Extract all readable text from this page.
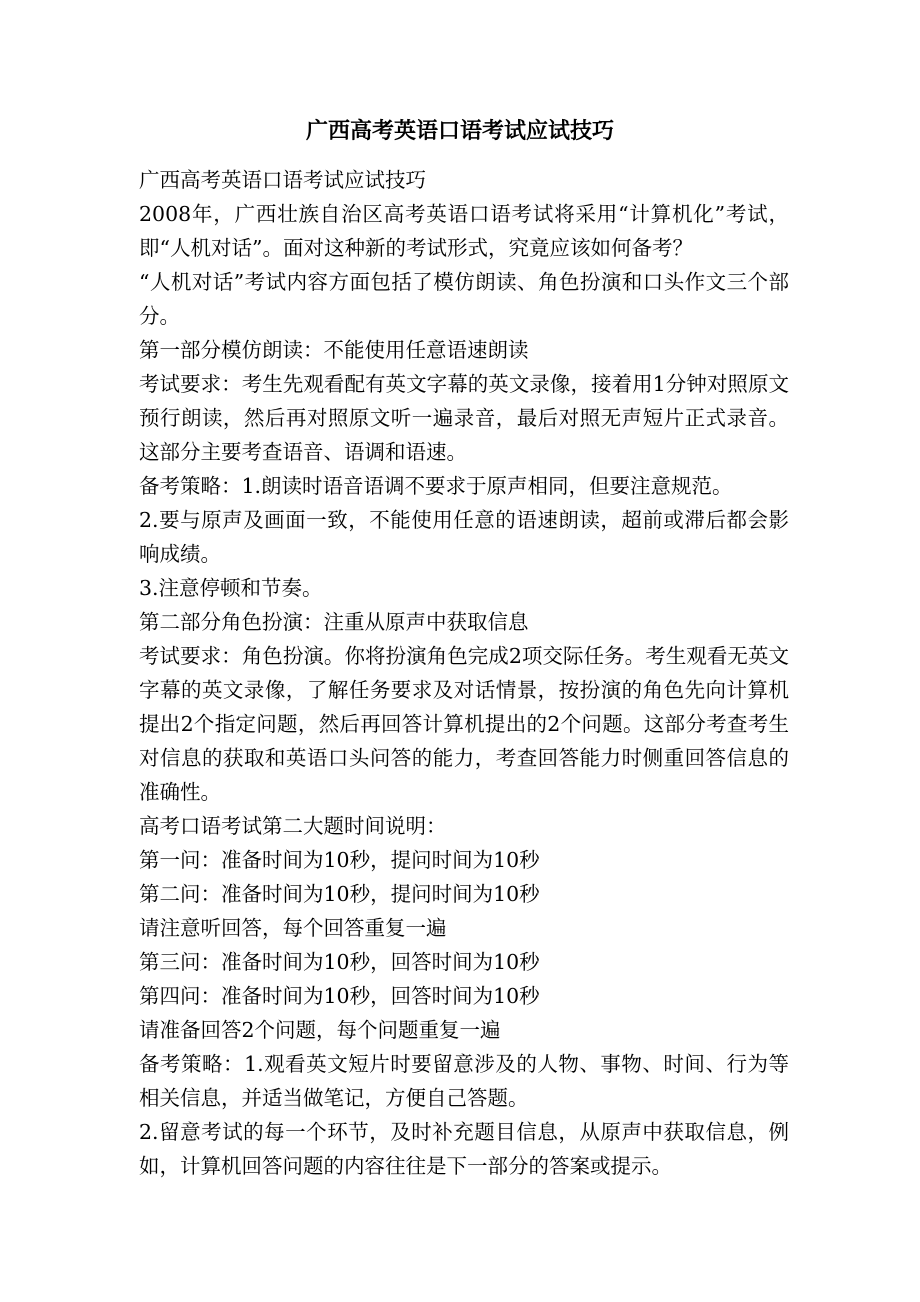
广西高考英语口语考试应试技巧

广西高考英语口语考试应试技巧

2008年，广西壮族自治区高考英语口语考试将采用“计算机化”考试，即“人机对话”。面对这种新的考试形式，究竟应该如何备考？

“人机对话”考试内容方面包括了模仿朗读、角色扮演和口头作文三个部分。

第一部分模仿朗读：不能使用任意语速朗读

考试要求：考生先观看配有英文字幕的英文录像，接着用1分钟对照原文预行朗读，然后再对照原文听一遍录音，最后对照无声短片正式录音。这部分主要考查语音、语调和语速。

备考策略：1.朗读时语音语调不要求于原声相同，但要注意规范。

2.要与原声及画面一致，不能使用任意的语速朗读，超前或滞后都会影响成绩。

3.注意停顿和节奏。

第二部分角色扮演：注重从原声中获取信息

考试要求：角色扮演。你将扮演角色完成2项交际任务。考生观看无英文字幕的英文录像，了解任务要求及对话情景，按扮演的角色先向计算机提出2个指定问题，然后再回答计算机提出的2个问题。这部分考查考生对信息的获取和英语口头问答的能力，考查回答能力时侧重回答信息的准确性。

高考口语考试第二大题时间说明：

第一问：准备时间为10秒，提问时间为10秒

第二问：准备时间为10秒，提问时间为10秒

请注意听回答，每个回答重复一遍

第三问：准备时间为10秒，回答时间为10秒

第四问：准备时间为10秒，回答时间为10秒

请准备回答2个问题，每个问题重复一遍

备考策略：1.观看英文短片时要留意涉及的人物、事物、时间、行为等相关信息，并适当做笔记，方便自己答题。

2.留意考试的每一个环节，及时补充题目信息，从原声中获取信息，例如，计算机回答问题的内容往往是下一部分的答案或提示。
